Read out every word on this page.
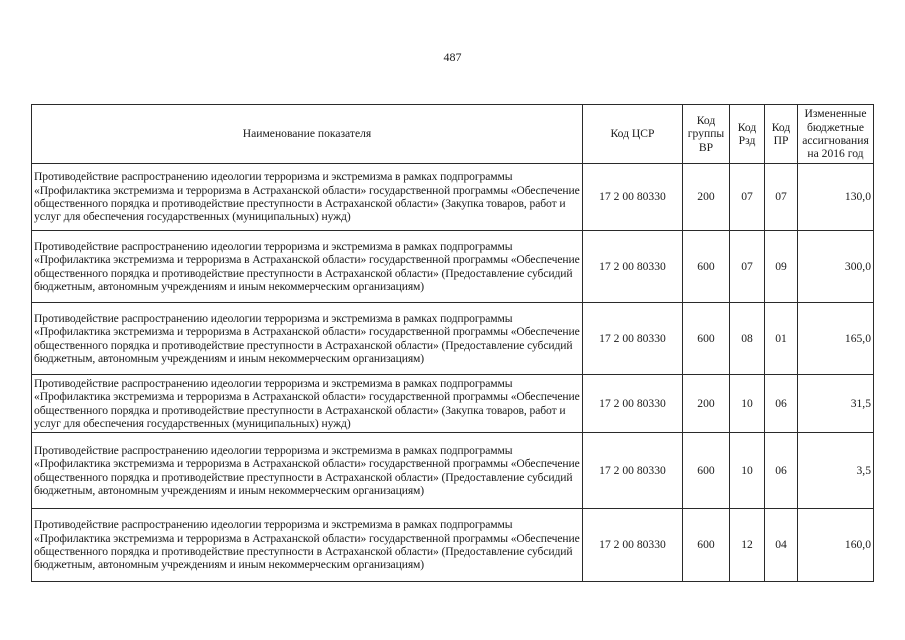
487
Наименование показателя	Код ЦСР	Код группы ВР	Код Рзд	Код ПР	Измененные бюджетные ассигнования на 2016 год
Противодействие распространению идеологии терроризма и экстремизма в рамках подпрограммы «Профилактика экстремизма и терроризма в Астраханской области» государственной программы «Обеспечение общественного порядка и противодействие преступности в Астраханской области» (Закупка товаров, работ и услуг для обеспечения государственных (муниципальных) нужд)	17 2 00 80330	200	07	07	130,0
Противодействие распространению идеологии терроризма и экстремизма в рамках подпрограммы «Профилактика экстремизма и терроризма в Астраханской области» государственной программы «Обеспечение общественного порядка и противодействие преступности в Астраханской области» (Предоставление субсидий бюджетным, автономным учреждениям и иным некоммерческим организациям)	17 2 00 80330	600	07	09	300,0
Противодействие распространению идеологии терроризма и экстремизма в рамках подпрограммы «Профилактика экстремизма и терроризма в Астраханской области» государственной программы «Обеспечение общественного порядка и противодействие преступности в Астраханской области» (Предоставление субсидий бюджетным, автономным учреждениям и иным некоммерческим организациям)	17 2 00 80330	600	08	01	165,0
Противодействие распространению идеологии терроризма и экстремизма в рамках подпрограммы «Профилактика экстремизма и терроризма в Астраханской области» государственной программы «Обеспечение общественного порядка и противодействие преступности в Астраханской области» (Закупка товаров, работ и услуг для обеспечения государственных (муниципальных) нужд)	17 2 00 80330	200	10	06	31,5
Противодействие распространению идеологии терроризма и экстремизма в рамках подпрограммы «Профилактика экстремизма и терроризма в Астраханской области» государственной программы «Обеспечение общественного порядка и противодействие преступности в Астраханской области» (Предоставление субсидий бюджетным, автономным учреждениям и иным некоммерческим организациям)	17 2 00 80330	600	10	06	3,5
Противодействие распространению идеологии терроризма и экстремизма в рамках подпрограммы «Профилактика экстремизма и терроризма в Астраханской области» государственной программы «Обеспечение общественного порядка и противодействие преступности в Астраханской области» (Предоставление субсидий бюджетным, автономным учреждениям и иным некоммерческим организациям)	17 2 00 80330	600	12	04	160,0
